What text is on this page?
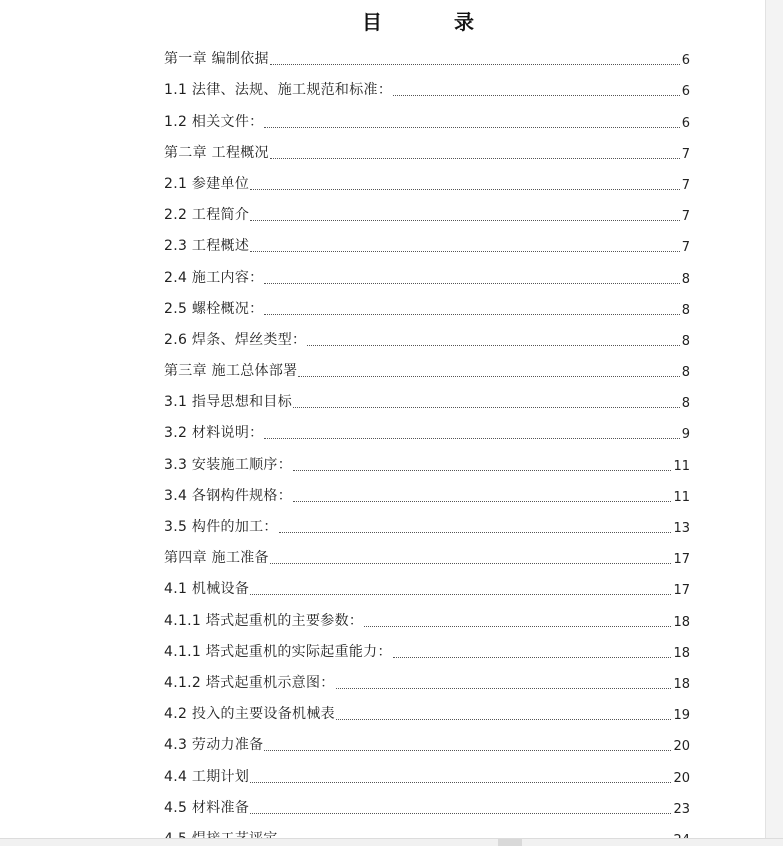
目　录
第一章 编制依据	6
1.1 法律、法规、施工规范和标准：	6
1.2 相关文件：	6
第二章 工程概况	7
2.1 参建单位	7
2.2 工程简介	7
2.3 工程概述	7
2.4 施工内容：	8
2.5 螺栓概况：	8
2.6 焊条、焊丝类型：	8
第三章 施工总体部署	8
3.1 指导思想和目标	8
3.2 材料说明：	9
3.3 安装施工顺序：	11
3.4 各钢构件规格：	11
3.5 构件的加工：	13
第四章 施工准备	17
4.1 机械设备	17
4.1.1 塔式起重机的主要参数：	18
4.1.1 塔式起重机的实际起重能力：	18
4.1.2 塔式起重机示意图：	18
4.2 投入的主要设备机械表	19
4.3 劳动力准备	20
4.4 工期计划	20
4.5 材料准备	23
